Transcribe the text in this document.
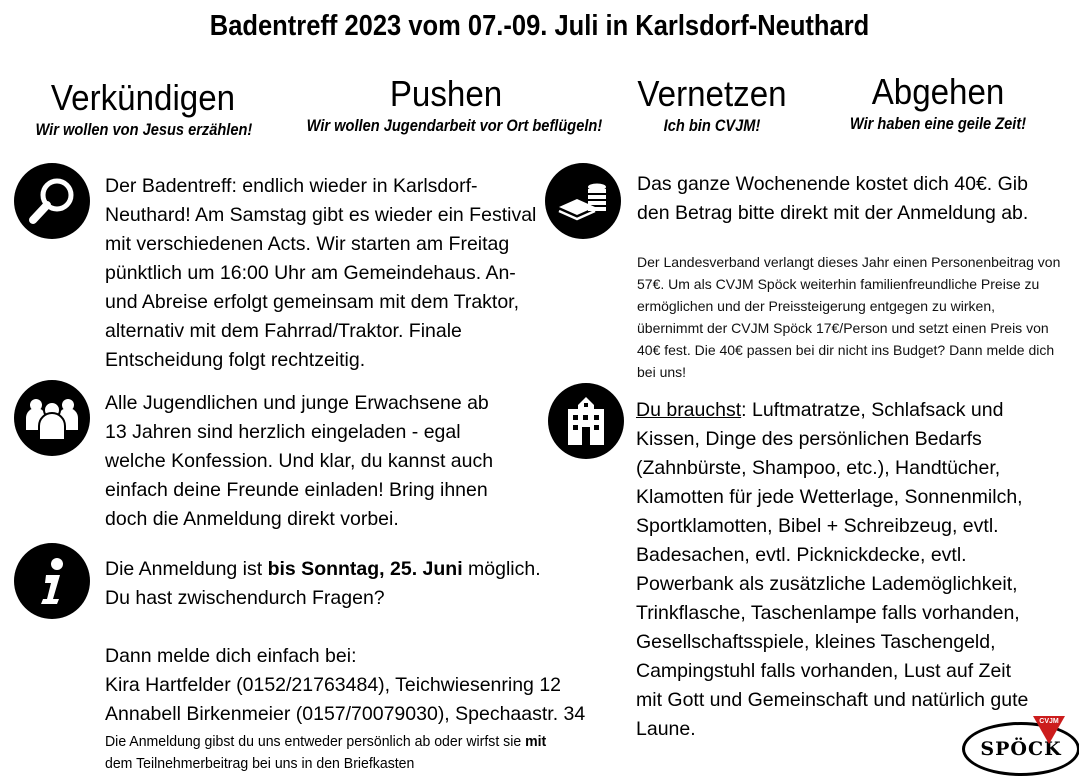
Badentreff 2023 vom 07.-09. Juli in Karlsdorf-Neuthard
Verkündigen
Wir wollen von Jesus erzählen!
Pushen
Wir wollen Jugendarbeit vor Ort beflügeln!
Vernetzen
Ich bin CVJM!
Abgehen
Wir haben eine geile Zeit!
Der Badentreff: endlich wieder in Karlsdorf-Neuthard! Am Samstag gibt es wieder ein Festival mit verschiedenen Acts. Wir starten am Freitag pünktlich um 16:00 Uhr am Gemeindehaus. An- und Abreise erfolgt gemeinsam mit dem Traktor, alternativ mit dem Fahrrad/Traktor. Finale Entscheidung folgt rechtzeitig.
Alle Jugendlichen und junge Erwachsene ab 13 Jahren sind herzlich eingeladen - egal welche Konfession. Und klar, du kannst auch einfach deine Freunde einladen! Bring ihnen doch die Anmeldung direkt vorbei.

Die Anmeldung ist bis Sonntag, 25. Juni möglich.

Du hast zwischendurch Fragen?

Dann melde dich einfach bei:

Kira Hartfelder (0152/21763484), Teichwiesenring 12

Annabell Birkenmeier (0157/70079030), Spechaastr. 34

Die Anmeldung gibst du uns entweder persönlich ab oder wirfst sie mit dem Teilnehmerbeitrag bei uns in den Briefkasten
Das ganze Wochenende kostet dich 40€. Gib den Betrag bitte direkt mit der Anmeldung ab.
Der Landesverband verlangt dieses Jahr einen Personenbeitrag von 57€. Um als CVJM Spöck weiterhin familienfreundliche Preise zu ermöglichen und der Preissteigerung entgegen zu wirken, übernimmt der CVJM Spöck 17€/Person und setzt einen Preis von 40€ fest. Die 40€ passen bei dir nicht ins Budget? Dann melde dich bei uns!
Du brauchst: Luftmatratze, Schlafsack und Kissen, Dinge des persönlichen Bedarfs (Zahnbürste, Shampoo, etc.), Handtücher, Klamotten für jede Wetterlage, Sonnenmilch, Sportklamotten, Bibel + Schreibzeug, evtl. Badesachen, evtl. Picknickdecke, evtl. Powerbank als zusätzliche Lademöglichkeit, Trinkflasche, Taschenlampe falls vorhanden, Gesellschaftsspiele, kleines Taschengeld, Campingstuhl falls vorhanden, Lust auf Zeit mit Gott und Gemeinschaft und natürlich gute Laune.
SPÖCK
CVJM
